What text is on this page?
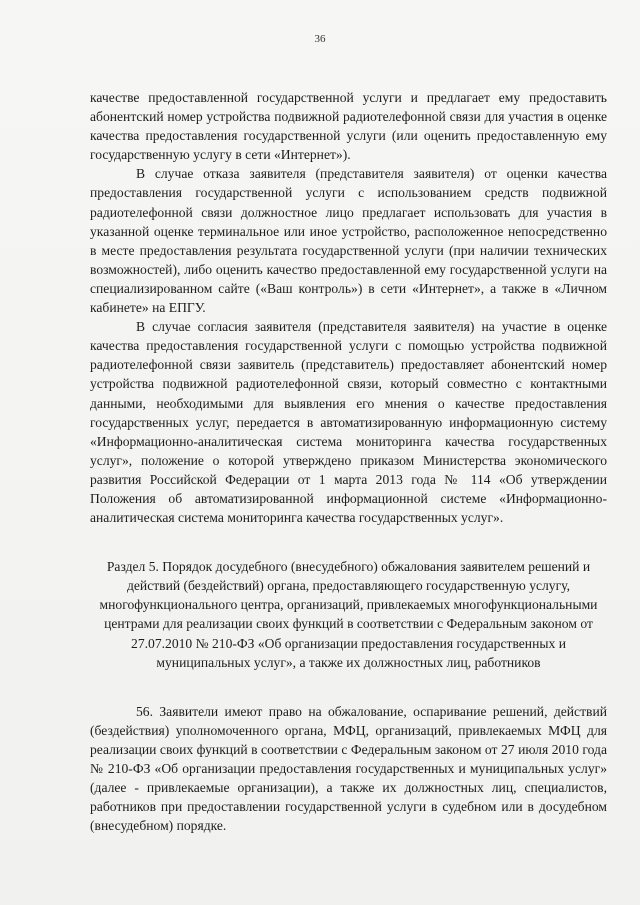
36

качестве предоставленной государственной услуги и предлагает ему предоставить абонентский номер устройства подвижной радиотелефонной связи для участия в оценке качества предоставления государственной услуги (или оценить предоставленную ему государственную услугу в сети «Интернет»).

В случае отказа заявителя (представителя заявителя) от оценки качества предоставления государственной услуги с использованием средств подвижной радиотелефонной связи должностное лицо предлагает использовать для участия в указанной оценке терминальное или иное устройство, расположенное непосредственно в месте предоставления результата государственной услуги (при наличии технических возможностей), либо оценить качество предоставленной ему государственной услуги на специализированном сайте («Ваш контроль») в сети «Интернет», а также в «Личном кабинете» на ЕПГУ.

В случае согласия заявителя (представителя заявителя) на участие в оценке качества предоставления государственной услуги с помощью устройства подвижной радиотелефонной связи заявитель (представитель) предоставляет абонентский номер устройства подвижной радиотелефонной связи, который совместно с контактными данными, необходимыми для выявления его мнения о качестве предоставления государственных услуг, передается в автоматизированную информационную систему «Информационно-аналитическая система мониторинга качества государственных услуг», положение о которой утверждено приказом Министерства экономического развития Российской Федерации от 1 марта 2013 года № 114 «Об утверждении Положения об автоматизированной информационной системе «Информационно-аналитическая система мониторинга качества государственных услуг».

Раздел 5. Порядок досудебного (внесудебного) обжалования заявителем решений и действий (бездействий) органа, предоставляющего государственную услугу, многофункционального центра, организаций, привлекаемых многофункциональными центрами для реализации своих функций в соответствии с Федеральным законом от 27.07.2010 № 210-ФЗ «Об организации предоставления государственных и муниципальных услуг», а также их должностных лиц, работников

56. Заявители имеют право на обжалование, оспаривание решений, действий (бездействия) уполномоченного органа, МФЦ, организаций, привлекаемых МФЦ для реализации своих функций в соответствии с Федеральным законом от 27 июля 2010 года № 210-ФЗ «Об организации предоставления государственных и муниципальных услуг» (далее - привлекаемые организации), а также их должностных лиц, специалистов, работников при предоставлении государственной услуги в судебном или в досудебном (внесудебном) порядке.
